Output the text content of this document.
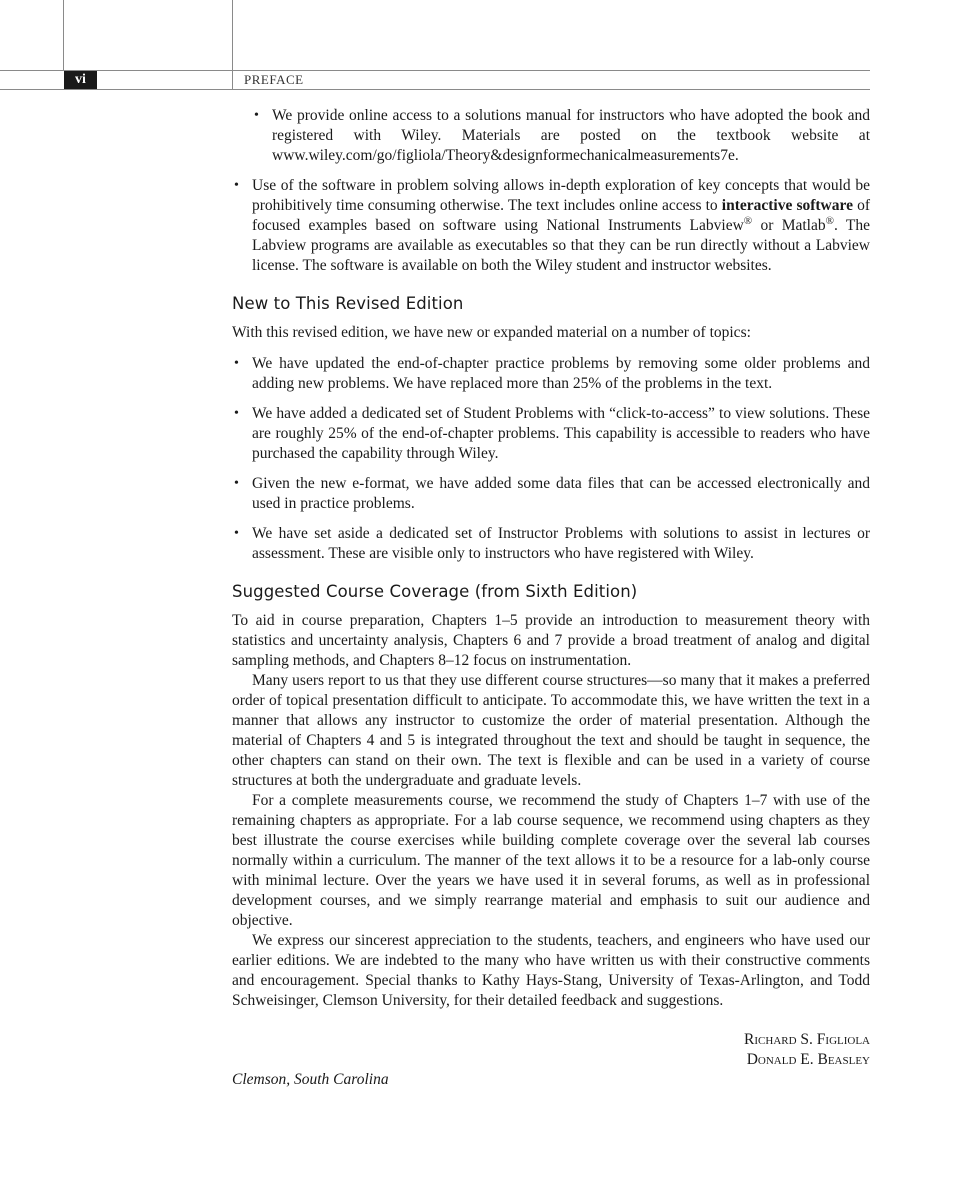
vi	PREFACE
• We provide online access to a solutions manual for instructors who have adopted the book and registered with Wiley. Materials are posted on the textbook website at www.wiley.com/go/figliola/Theory&designformechanicalmeasurements7e.
• Use of the software in problem solving allows in-depth exploration of key concepts that would be prohibitively time consuming otherwise. The text includes online access to interactive software of focused examples based on software using National Instruments Labview® or Matlab®. The Labview programs are available as executables so that they can be run directly without a Labview license. The software is available on both the Wiley student and instructor websites.
New to This Revised Edition

With this revised edition, we have new or expanded material on a number of topics:

• We have updated the end-of-chapter practice problems by removing some older problems and adding new problems. We have replaced more than 25% of the problems in the text.
• We have added a dedicated set of Student Problems with “click-to-access” to view solutions. These are roughly 25% of the end-of-chapter problems. This capability is accessible to readers who have purchased the capability through Wiley.
• Given the new e-format, we have added some data files that can be accessed electronically and used in practice problems.
• We have set aside a dedicated set of Instructor Problems with solutions to assist in lectures or assessment. These are visible only to instructors who have registered with Wiley.
Suggested Course Coverage (from Sixth Edition)

To aid in course preparation, Chapters 1–5 provide an introduction to measurement theory with statistics and uncertainty analysis, Chapters 6 and 7 provide a broad treatment of analog and digital sampling methods, and Chapters 8–12 focus on instrumentation.

Many users report to us that they use different course structures—so many that it makes a preferred order of topical presentation difficult to anticipate. To accommodate this, we have written the text in a manner that allows any instructor to customize the order of material presentation. Although the material of Chapters 4 and 5 is integrated throughout the text and should be taught in sequence, the other chapters can stand on their own. The text is flexible and can be used in a variety of course structures at both the undergraduate and graduate levels.

For a complete measurements course, we recommend the study of Chapters 1–7 with use of the remaining chapters as appropriate. For a lab course sequence, we recommend using chapters as they best illustrate the course exercises while building complete coverage over the several lab courses normally within a curriculum. The manner of the text allows it to be a resource for a lab-only course with minimal lecture. Over the years we have used it in several forums, as well as in professional development courses, and we simply rearrange material and emphasis to suit our audience and objective.

We express our sincerest appreciation to the students, teachers, and engineers who have used our earlier editions. We are indebted to the many who have written us with their constructive comments and encouragement. Special thanks to Kathy Hays-Stang, University of Texas-Arlington, and Todd Schweisinger, Clemson University, for their detailed feedback and suggestions.

Richard S. Figliola
Donald E. Beasley

Clemson, South Carolina
